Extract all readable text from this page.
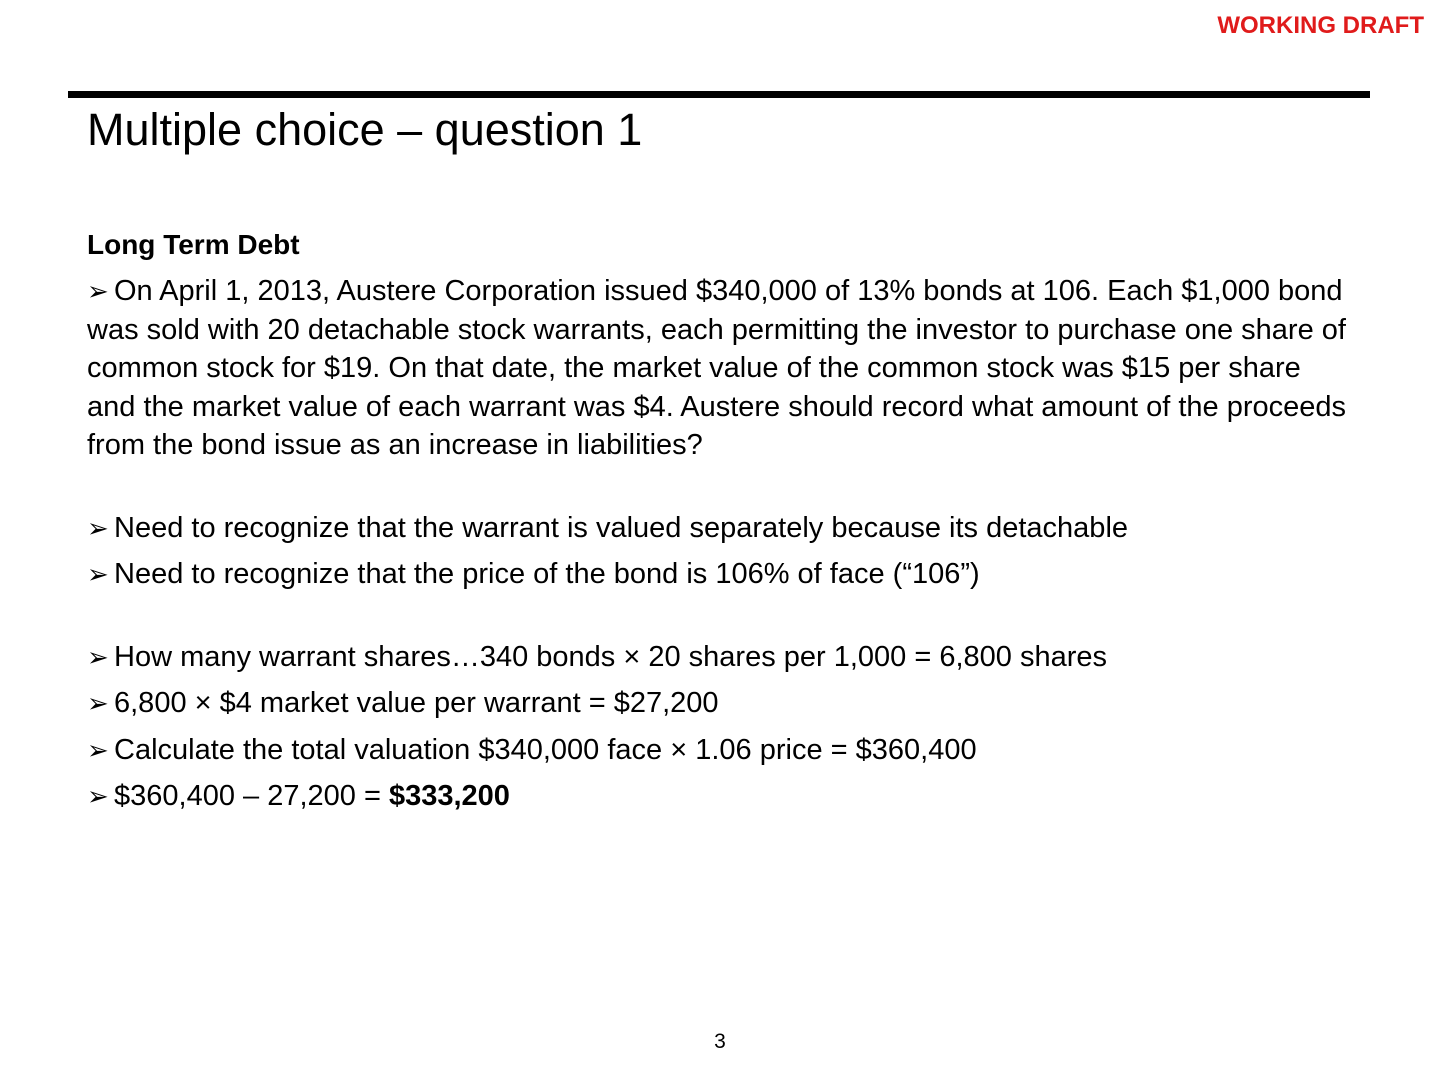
WORKING DRAFT
Multiple choice – question 1
Long Term Debt
➢ On April 1, 2013, Austere Corporation issued $340,000 of 13% bonds at 106. Each $1,000 bond was sold with 20 detachable stock warrants, each permitting the investor to purchase one share of common stock for $19. On that date, the market value of the common stock was $15 per share and the market value of each warrant was $4. Austere should record what amount of the proceeds from the bond issue as an increase in liabilities?
➢ Need to recognize that the warrant is valued separately because its detachable
➢ Need to recognize that the price of the bond is 106% of face (“106”)
➢ How many warrant shares…340 bonds × 20 shares per 1,000 = 6,800 shares
➢ 6,800 × $4 market value per warrant = $27,200
➢ Calculate the total valuation $340,000 face × 1.06 price = $360,400
➢ $360,400 – 27,200 = $333,200
3
